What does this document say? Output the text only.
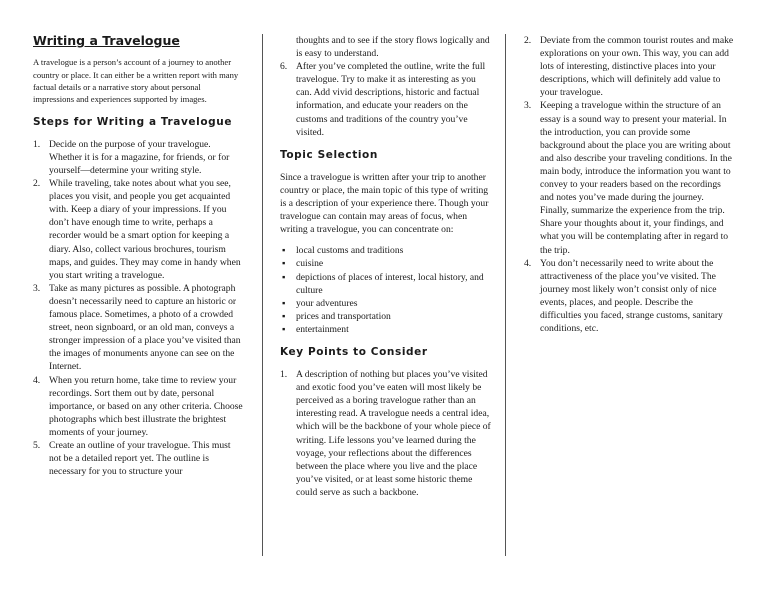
Writing a Travelogue

A travelogue is a person’s account of a journey to another country or place. It can either be a written report with many factual details or a narrative story about personal impressions and experiences supported by images.

Steps for Writing a Travelogue
1. Decide on the purpose of your travelogue. Whether it is for a magazine, for friends, or for yourself—determine your writing style.
2. While traveling, take notes about what you see, places you visit, and people you get acquainted with. Keep a diary of your impressions. If you don’t have enough time to write, perhaps a recorder would be a smart option for keeping a diary. Also, collect various brochures, tourism maps, and guides. They may come in handy when you start writing a travelogue.
3. Take as many pictures as possible. A photograph doesn’t necessarily need to capture an historic or famous place. Sometimes, a photo of a crowded street, neon signboard, or an old man, conveys a stronger impression of a place you’ve visited than the images of monuments anyone can see on the Internet.
4. When you return home, take time to review your recordings. Sort them out by date, personal importance, or based on any other criteria. Choose photographs which best illustrate the brightest moments of your journey.
5. Create an outline of your travelogue. This must not be a detailed report yet. The outline is necessary for you to structure your
thoughts and to see if the story flows logically and is easy to understand.
6. After you’ve completed the outline, write the full travelogue. Try to make it as interesting as you can. Add vivid descriptions, historic and factual information, and educate your readers on the customs and traditions of the country you’ve visited.
Topic Selection

Since a travelogue is written after your trip to another country or place, the main topic of this type of writing is a description of your experience there. Though your travelogue can contain may areas of focus, when writing a travelogue, you can concentrate on:

▪ local customs and traditions
▪ cuisine
▪ depictions of places of interest, local history, and culture
▪ your adventures
▪ prices and transportation
▪ entertainment
Key Points to Consider
1. A description of nothing but places you’ve visited and exotic food you’ve eaten will most likely be perceived as a boring travelogue rather than an interesting read. A travelogue needs a central idea, which will be the backbone of your whole piece of writing. Life lessons you’ve learned during the voyage, your reflections about the differences between the place where you live and the place you’ve visited, or at least some historic theme could serve as such a backbone.
2. Deviate from the common tourist routes and make explorations on your own. This way, you can add lots of interesting, distinctive places into your descriptions, which will definitely add value to your travelogue.
3. Keeping a travelogue within the structure of an essay is a sound way to present your material. In the introduction, you can provide some background about the place you are writing about and also describe your traveling conditions. In the main body, introduce the information you want to convey to your readers based on the recordings and notes you’ve made during the journey. Finally, summarize the experience from the trip. Share your thoughts about it, your findings, and what you will be contemplating after in regard to the trip.
4. You don’t necessarily need to write about the attractiveness of the place you’ve visited. The journey most likely won’t consist only of nice events, places, and people. Describe the difficulties you faced, strange customs, sanitary conditions, etc.
